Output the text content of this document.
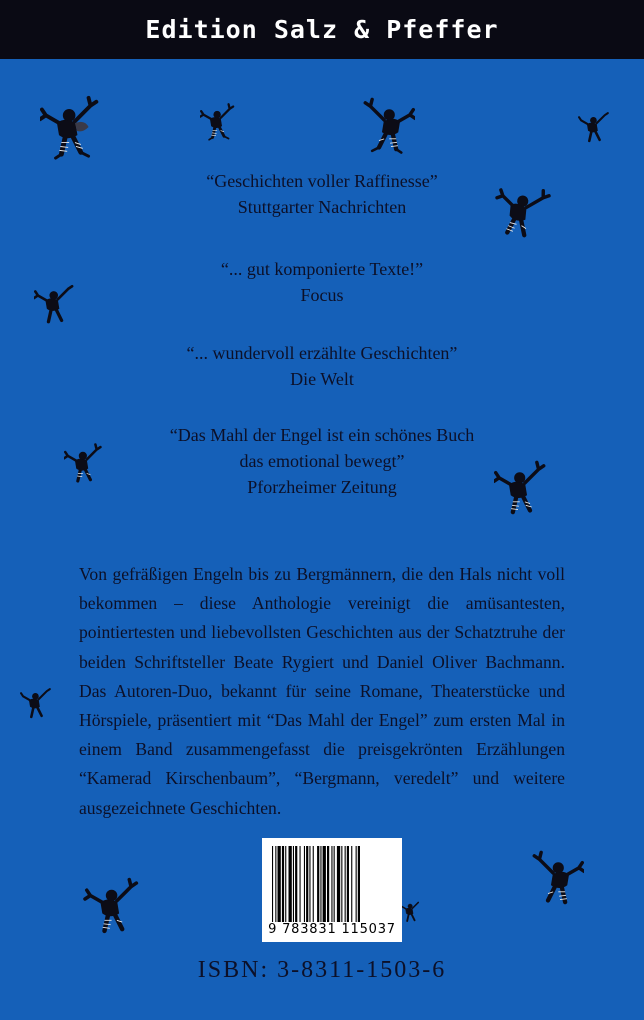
Edition Salz & Pfeffer
“Geschichten voller Raffinesse”
Stuttgarter Nachrichten
“... gut komponierte Texte!”
Focus
“... wundervoll erzählte Geschichten”
Die Welt
“Das Mahl der Engel ist ein schönes Buch
das emotional bewegt”
Pforzheimer Zeitung

Von gefräßigen Engeln bis zu Bergmännern, die den Hals nicht voll bekommen – diese Anthologie vereinigt die amüsantesten, pointiertesten und liebevollsten Geschichten aus der Schatztruhe der beiden Schriftsteller Beate Rygiert und Daniel Oliver Bachmann. Das Autoren-Duo, bekannt für seine Romane, Theaterstücke und Hörspiele, präsentiert mit “Das Mahl der Engel” zum ersten Mal in einem Band zusammengefasst die preisgekrönten Erzählungen “Kamerad Kirschenbaum”, “Bergmann, veredelt” und weitere ausgezeichnete Geschichten.

9 783831 115037
ISBN: 3-8311-1503-6
